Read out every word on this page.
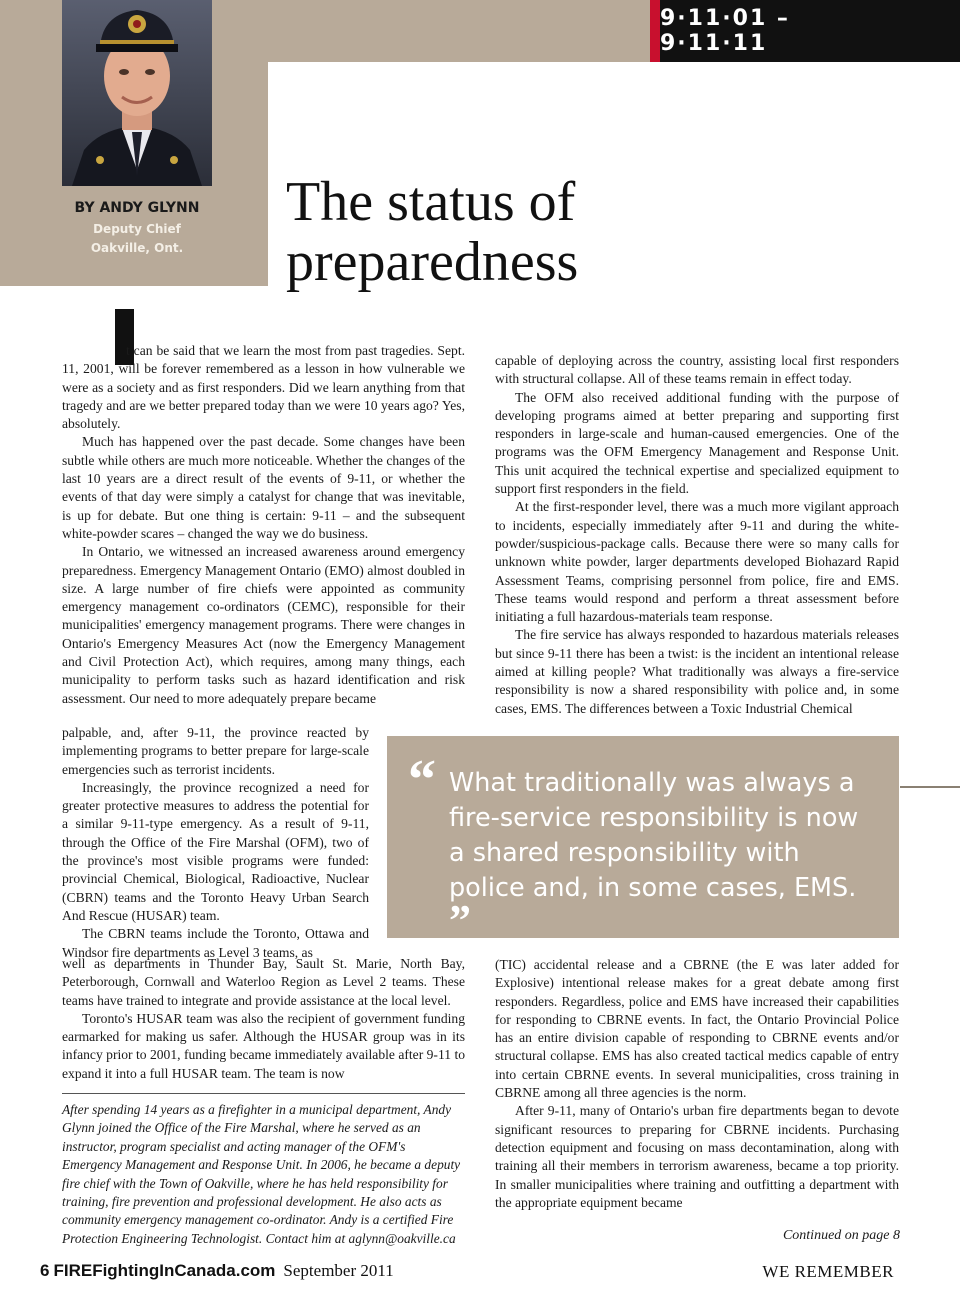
9·11·01 – 9·11·11
BY ANDY GLYNN
Deputy Chief
Oakville, Ont.
The status of
preparedness

t can be said that we learn the most from past tragedies. Sept. 11, 2001, will be forever remembered as a lesson in how vulnerable we were as a society and as first responders. Did we learn anything from that tragedy and are we better prepared today than we were 10 years ago? Yes, absolutely.

Much has happened over the past decade. Some changes have been subtle while others are much more noticeable. Whether the changes of the last 10 years are a direct result of the events of 9-11, or whether the events of that day were simply a catalyst for change that was inevitable, is up for debate. But one thing is certain: 9-11 – and the subsequent white-powder scares – changed the way we do business.

In Ontario, we witnessed an increased awareness around emergency preparedness. Emergency Management Ontario (EMO) almost doubled in size. A large number of fire chiefs were appointed as community emergency management co-ordinators (CEMC), responsible for their municipalities' emergency management programs. There were changes in Ontario's Emergency Measures Act (now the Emergency Management and Civil Protection Act), which requires, among many things, each municipality to perform tasks such as hazard identification and risk assessment. Our need to more adequately prepare became

palpable, and, after 9-11, the province reacted by implementing programs to better prepare for large-scale emergencies such as terrorist incidents.

Increasingly, the province recognized a need for greater protective measures to address the potential for a similar 9-11-type emergency. As a result of 9-11, through the Office of the Fire Marshal (OFM), two of the province's most visible programs were funded: provincial Chemical, Biological, Radioactive, Nuclear (CBRN) teams and the Toronto Heavy Urban Search And Rescue (HUSAR) team.

The CBRN teams include the Toronto, Ottawa and Windsor fire departments as Level 3 teams, as

well as departments in Thunder Bay, Sault St. Marie, North Bay, Peterborough, Cornwall and Waterloo Region as Level 2 teams. These teams have trained to integrate and provide assistance at the local level.

Toronto's HUSAR team was also the recipient of government funding earmarked for making us safer. Although the HUSAR group was in its infancy prior to 2001, funding became immediately available after 9-11 to expand it into a full HUSAR team. The team is now

capable of deploying across the country, assisting local first responders with structural collapse. All of these teams remain in effect today.

The OFM also received additional funding with the purpose of developing programs aimed at better preparing and supporting first responders in large-scale and human-caused emergencies. One of the programs was the OFM Emergency Management and Response Unit. This unit acquired the technical expertise and specialized equipment to support first responders in the field.

At the first-responder level, there was a much more vigilant approach to incidents, especially immediately after 9-11 and during the white-powder/suspicious-package calls. Because there were so many calls for unknown white powder, larger departments developed Biohazard Rapid Assessment Teams, comprising personnel from police, fire and EMS. These teams would respond and perform a threat assessment before initiating a full hazardous-materials team response.

The fire service has always responded to hazardous materials releases but since 9-11 there has been a twist: is the incident an intentional release aimed at killing people? What traditionally was always a fire-service responsibility is now a shared responsibility with police and, in some cases, EMS. The differences between a Toxic Industrial Chemical

(TIC) accidental release and a CBRNE (the E was later added for Explosive) intentional release makes for a great debate among first responders. Regardless, police and EMS have increased their capabilities for responding to CBRNE events. In fact, the Ontario Provincial Police has an entire division capable of responding to CBRNE events and/or structural collapse. EMS has also created tactical medics capable of entry into certain CBRNE events. In several municipalities, cross training in CBRNE among all three agencies is the norm.

After 9-11, many of Ontario's urban fire departments began to devote significant resources to preparing for CBRNE incidents. Purchasing detection equipment and focusing on mass decontamination, along with training all their members in terrorism awareness, became a top priority. In smaller municipalities where training and outfitting a department with the appropriate equipment became

What traditionally was always a fire-service responsibility is now a shared responsibility with police and, in some cases, EMS. ”
“

After spending 14 years as a firefighter in a municipal department, Andy Glynn joined the Office of the Fire Marshal, where he served as an instructor, program specialist and acting manager of the OFM's Emergency Management and Response Unit. In 2006, he became a deputy fire chief with the Town of Oakville, where he has held responsibility for training, fire prevention and professional development. He also acts as community emergency management co-ordinator. Andy is a certified Fire Protection Engineering Technologist. Contact him at aglynn@oakville.ca	Continued on page 8
6 FIREFightingInCanada.com September 2011	WE REMEMBER
